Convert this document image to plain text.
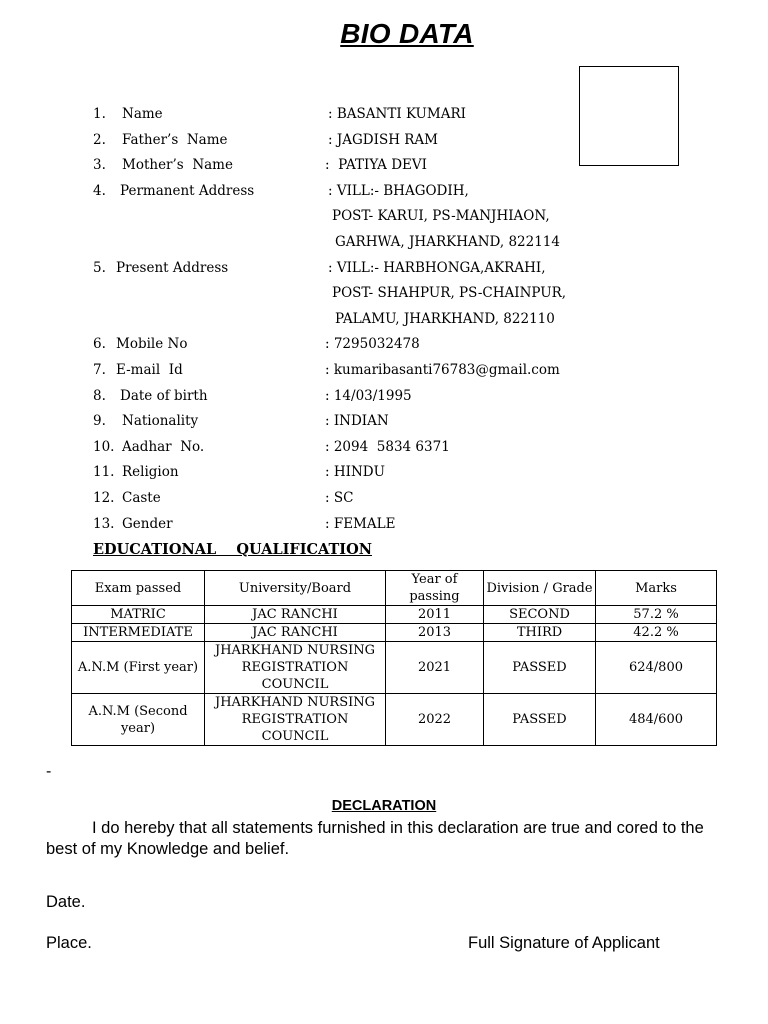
BIO DATA
1. Name	: BASANTI KUMARI
2. Father’s  Name	: JAGDISH RAM
3. Mother’s  Name	:  PATIYA DEVI
4. Permanent Address	: VILL:- BHAGODIH,
POST- KARUI, PS-MANJHIAON,
GARHWA, JHARKHAND, 822114
5. Present Address	: VILL:- HARBHONGA,AKRAHI,
POST- SHAHPUR, PS-CHAINPUR,
PALAMU, JHARKHAND, 822110
6. Mobile No	: 7295032478
7. E-mail  Id	: kumaribasanti76783@gmail.com
8. Date of birth	: 14/03/1995
9. Nationality	: INDIAN
10. Aadhar  No.	: 2094  5834 6371
11. Religion	: HINDU
12. Caste	: SC
13. Gender	: FEMALE
EDUCATIONAL    QUALIFICATION
Exam passed	University/Board	Year of passing	Division / Grade	Marks
MATRIC	JAC RANCHI	2011	SECOND	57.2 %
INTERMEDIATE	JAC RANCHI	2013	THIRD	42.2 %
A.N.M (First year)	JHARKHAND NURSING REGISTRATION COUNCIL	2021	PASSED	624/800
A.N.M (Second year)	JHARKHAND NURSING REGISTRATION COUNCIL	2022	PASSED	484/600
-
DECLARATION

I do hereby that all statements furnished in this declaration are true and cored to the best of my Knowledge and belief.

Date.
Place.	Full Signature of Applicant
